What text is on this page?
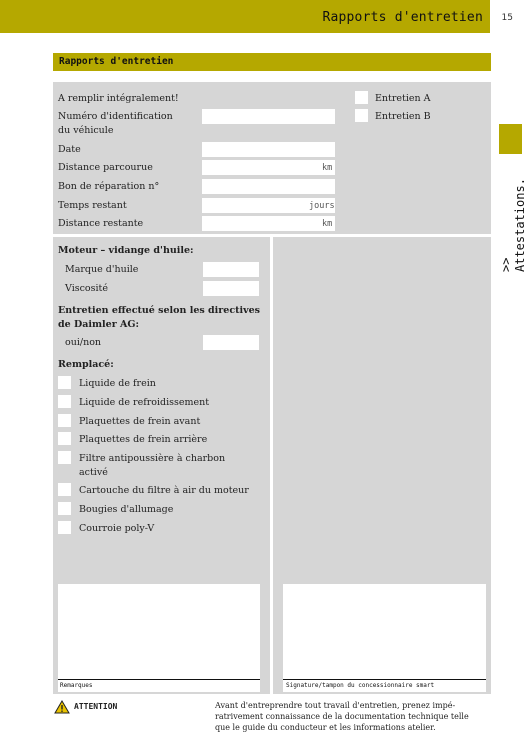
Rapports d'entretien 15
Rapports d'entretien
>> Attestations.
A remplir intégralement!
Numéro d'identification
du véhicule
Date
Distance parcourue	km
Bon de réparation n°
Temps restant	jours
Distance restante	km
Entretien A
Entretien B
Moteur – vidange d'huile:
Marque d'huile
Viscosité
Entretien effectué selon les directives
de Daimler AG:
oui/non
Remplacé:
Liquide de frein
Liquide de refroidissement
Plaquettes de frein avant
Plaquettes de frein arrière
Filtre antipoussière à charbon
activé
Cartouche du filtre à air du moteur
Bougies d'allumage
Courroie poly-V
Remarques	Signature/tampon du concessionnaire smart
ATTENTION	Avant d'entreprendre tout travail d'entretien, prenez impé-ratrivement connaissance de la documentation technique telle que le guide du conducteur et les informations atelier.
